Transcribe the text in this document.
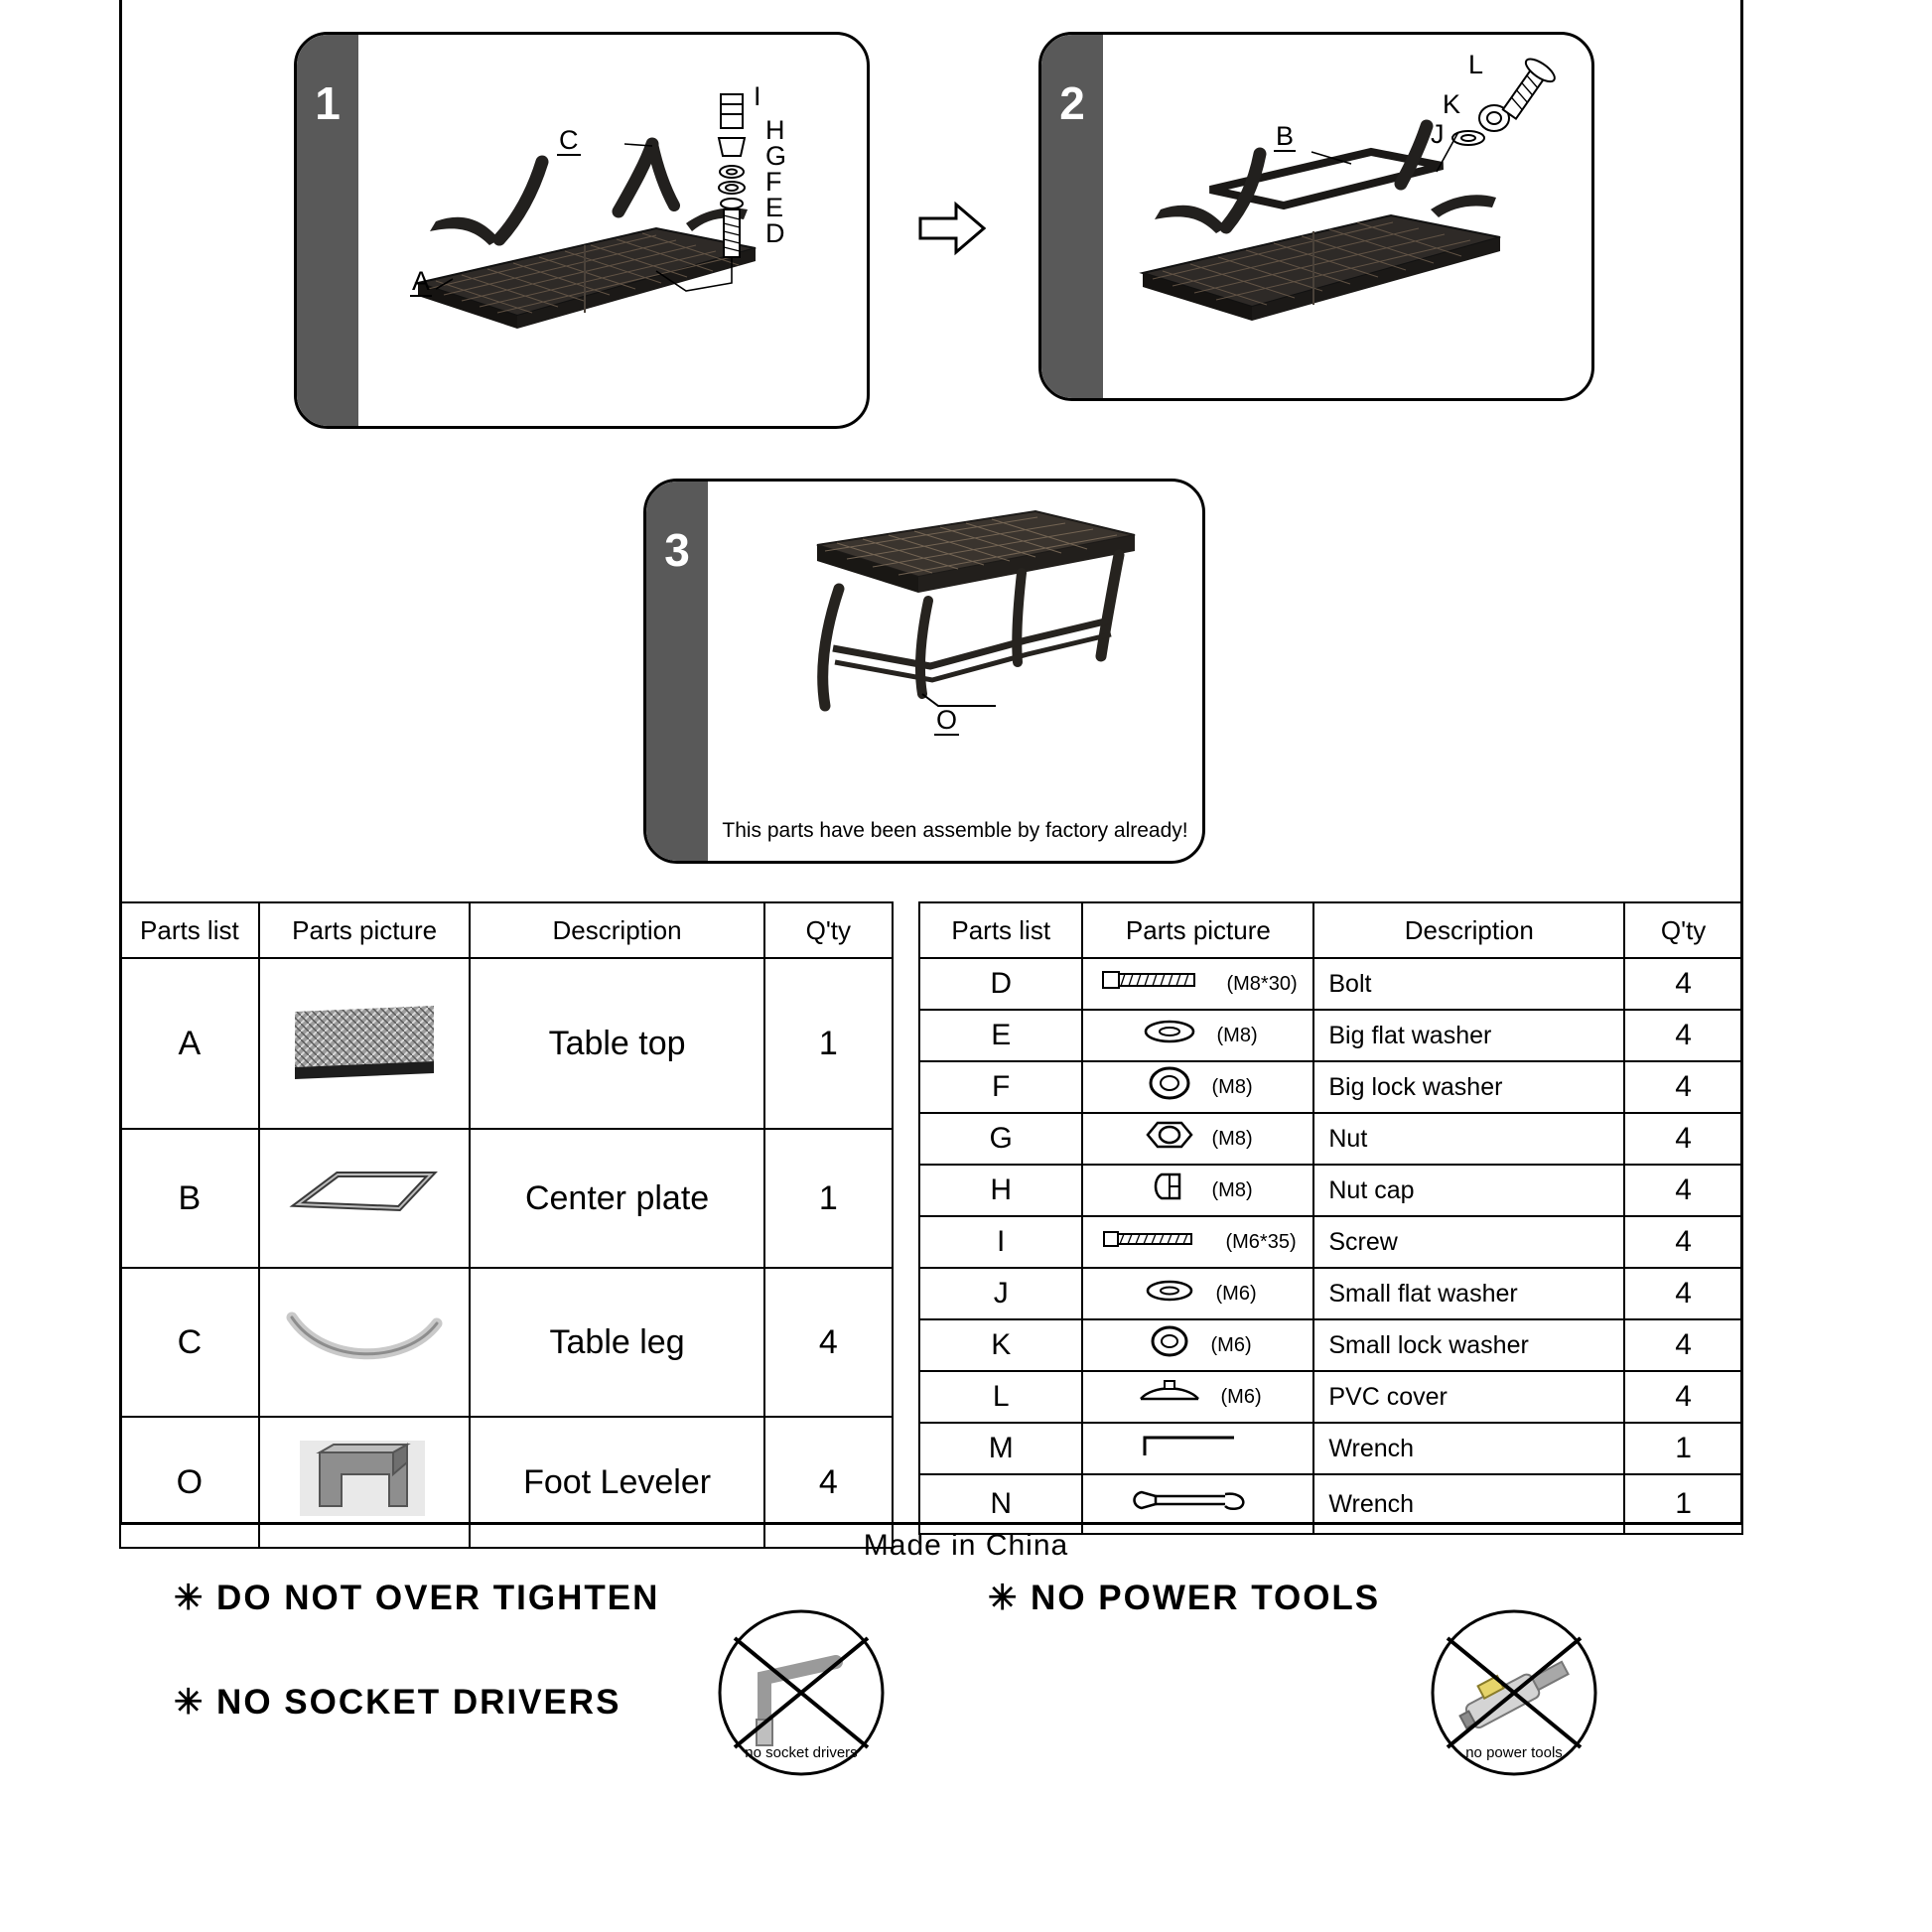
1
C
A
I
H
G
F
E
D
2
B	J
K
L
3
O
This parts have been assemble by factory already!
Parts list	Parts picture	Description	Q'ty
A		Table top	1
B		Center plate	1
C		Table leg	4
O		Foot Leveler	4
Parts list	Parts picture	Description	Q'ty
D	(M8*30)	Bolt	4
E	(M8)	Big flat washer	4
F	(M8)	Big lock washer	4
G	(M8)	Nut	4
H	(M8)	Nut cap	4
I	(M6*35)	Screw	4
J	(M6)	Small flat washer	4
K	(M6)	Small lock washer	4
L	(M6)	PVC cover	4
M		Wrench	1
N		Wrench	1
Made in China
✳ DO NOT OVER TIGHTEN	✳ NO POWER TOOLS
✳ NO SOCKET DRIVERS
no socket drivers	no power tools
